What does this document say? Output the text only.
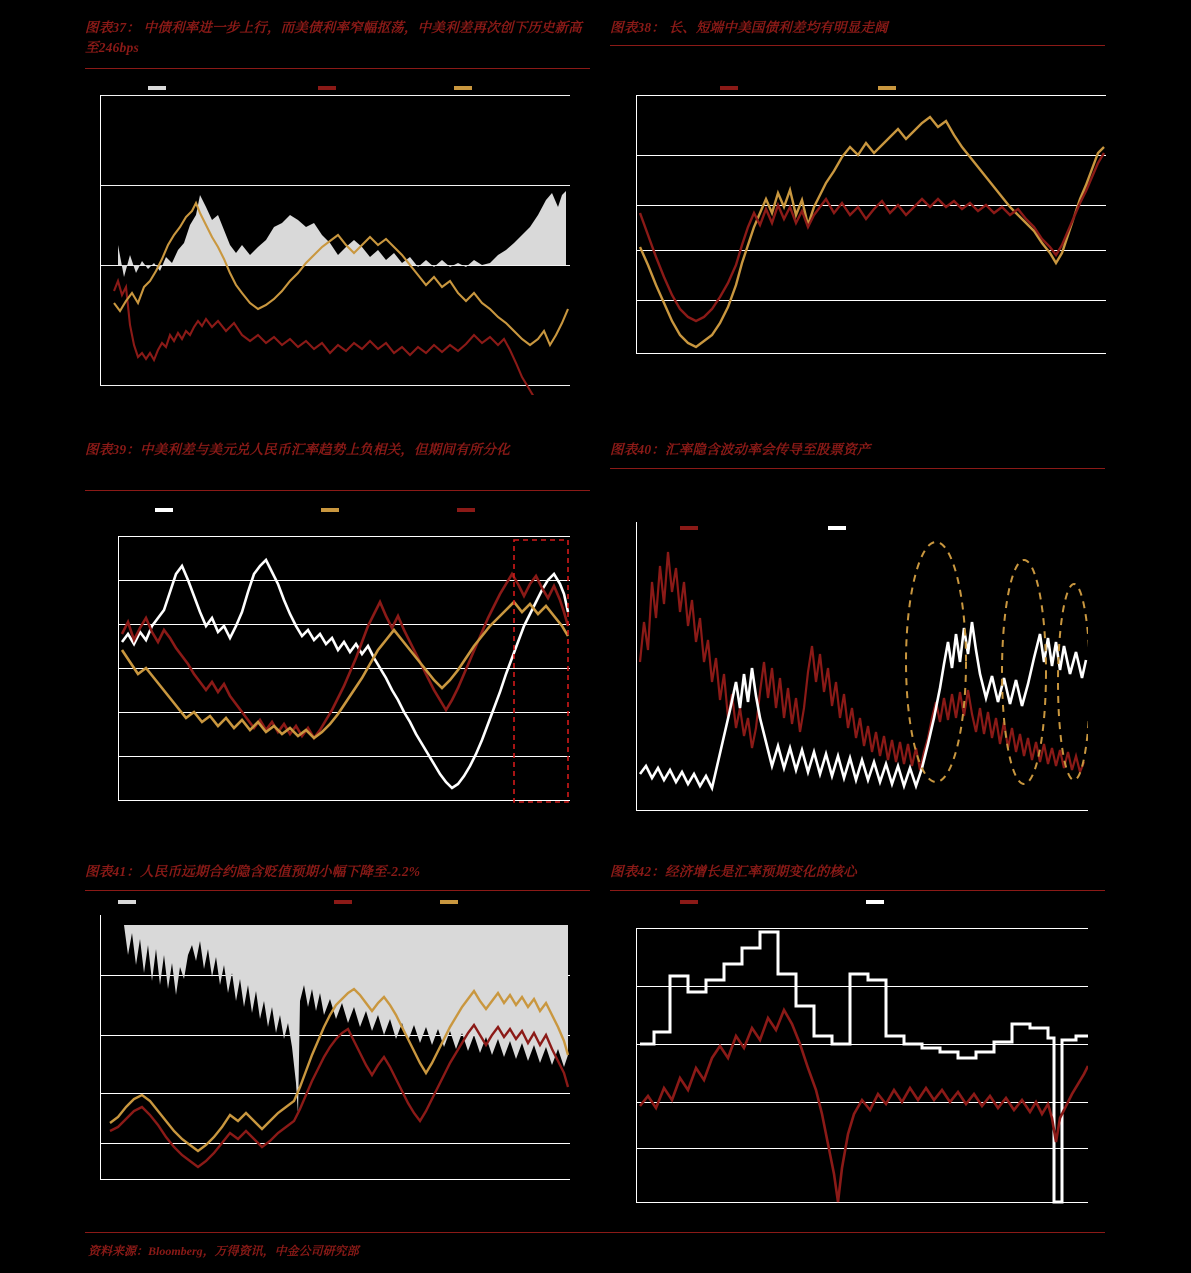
图表37： 中债利率进一步上行，而美债利率窄幅抠荡，中美利差再次创下历史新高至246bps
图表38： 长、短端中美国债利差均有明显走阔
图表39：中美利差与美元兑人民币汇率趋势上负相关，但期间有所分化	图表40：汇率隐含波动率会传导至股票资产
图表41：人民币远期合约隐含贬值预期小幅下降至-2.2%	图表42：经济增长是汇率预期变化的核心
资料来源：Bloomberg，万得资讯，中金公司研究部
